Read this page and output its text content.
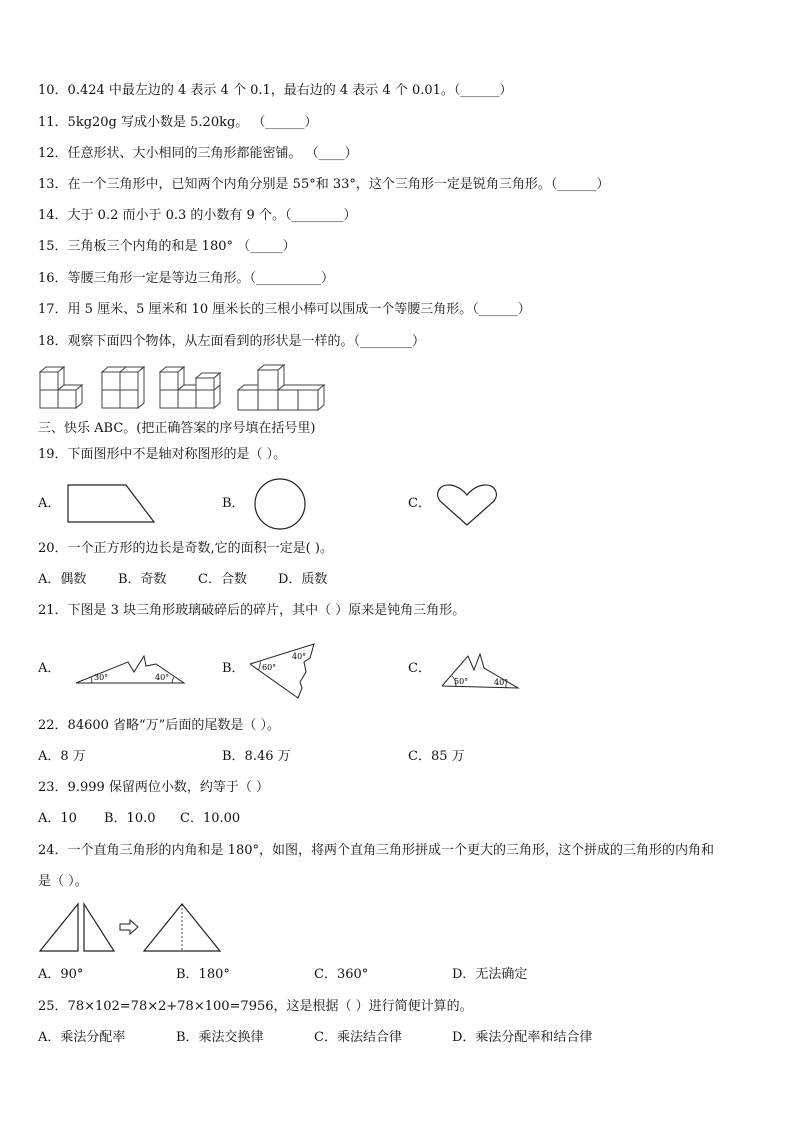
10．0.424 中最左边的 4 表示 4 个 0.1，最右边的 4 表示 4 个 0.01。（______）
11．5kg20g 写成小数是 5.20kg。 （______）
12．任意形状、大小相同的三角形都能密铺。 （____）
13．在一个三角形中，已知两个内角分别是 55°和 33°，这个三角形一定是锐角三角形。（______）
14．大于 0.2 而小于 0.3 的小数有 9 个。（________）
15．三角板三个内角的和是 180° （_____）
16．等腰三角形一定是等边三角形。（__________）
17．用 5 厘米、5 厘米和 10 厘米长的三根小棒可以围成一个等腰三角形。（______）
18．观察下面四个物体，从左面看到的形状是一样的。（________）
三、快乐 ABC。(把正确答案的序号填在括号里)
19．下面图形中不是轴对称图形的是（ ）。
A．	B．	C．
20．一个正方形的边长是奇数,它的面积一定是( )。
A．偶数 B．奇数 C．合数 D．质数
21．下图是 3 块三角形玻璃破碎后的碎片，其中（ ）原来是钝角三角形。
A．
30°	40°
B． 60°
40°
C．
50°	40°
22．84600 省略“万”后面的尾数是（ ）。
A．8 万	B．8.46 万	C．85 万
23．9.999 保留两位小数，约等于（ ）
A．10 B．10.0 C．10.00
24．一个直角三角形的内角和是 180°，如图，将两个直角三角形拼成一个更大的三角形，这个拼成的三角形的内角和
是（ ）。
A．90°	B．180°	C．360°	D．无法确定
25．78×102=78×2+78×100=7956，这是根据（ ）进行简便计算的。
A．乘法分配率	B．乘法交换律	C．乘法结合律	D．乘法分配率和结合律
